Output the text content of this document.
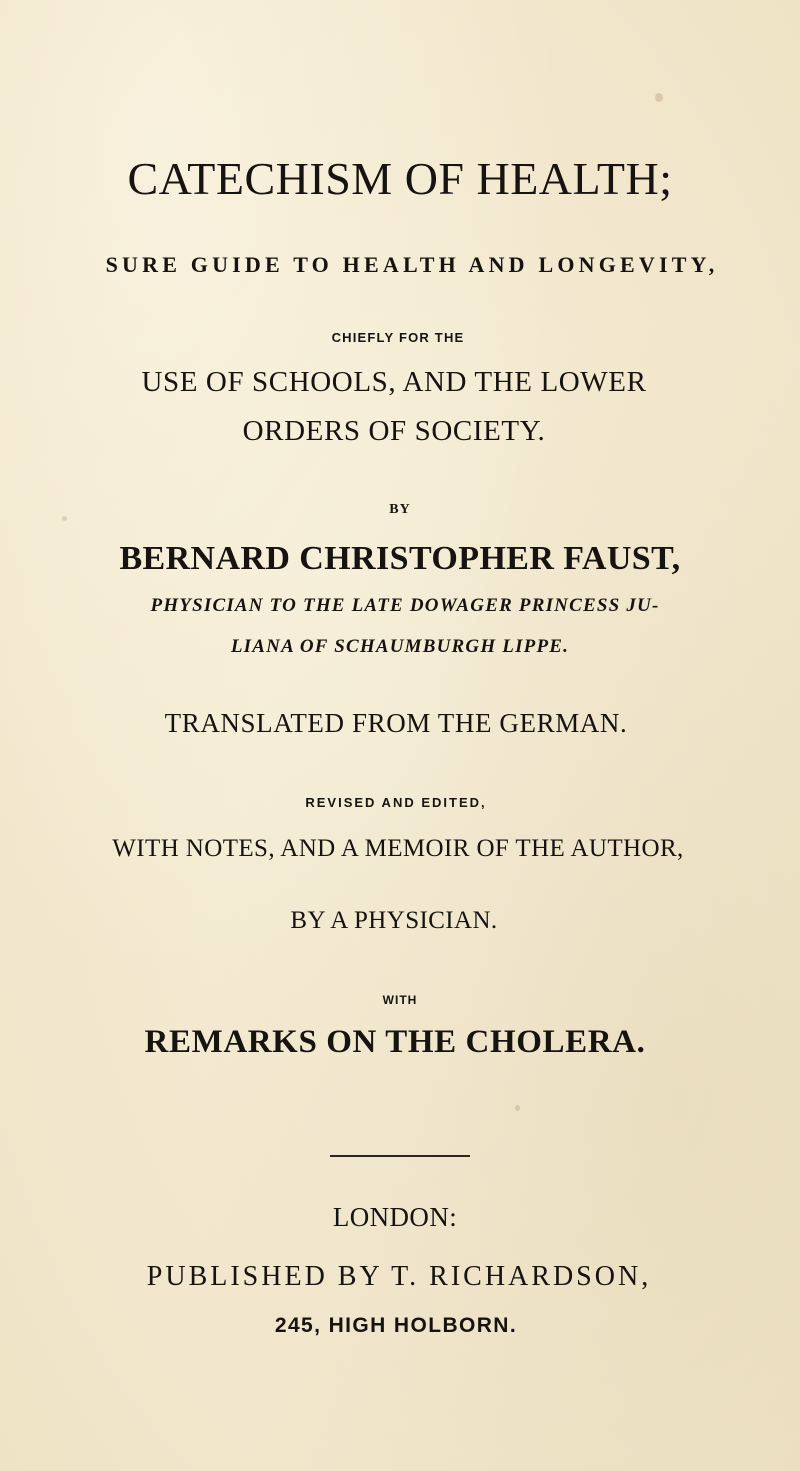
CATECHISM OF HEALTH;
SURE GUIDE TO HEALTH AND LONGEVITY,
CHIEFLY FOR THE
USE OF SCHOOLS, AND THE LOWER
ORDERS OF SOCIETY.
BY
BERNARD CHRISTOPHER FAUST,
PHYSICIAN TO THE LATE DOWAGER PRINCESS JU-
LIANA OF SCHAUMBURGH LIPPE.
TRANSLATED FROM THE GERMAN.
REVISED AND EDITED,
WITH NOTES, AND A MEMOIR OF THE AUTHOR,
BY A PHYSICIAN.
WITH
REMARKS ON THE CHOLERA.
LONDON:
PUBLISHED BY T. RICHARDSON,
245, HIGH HOLBORN.
